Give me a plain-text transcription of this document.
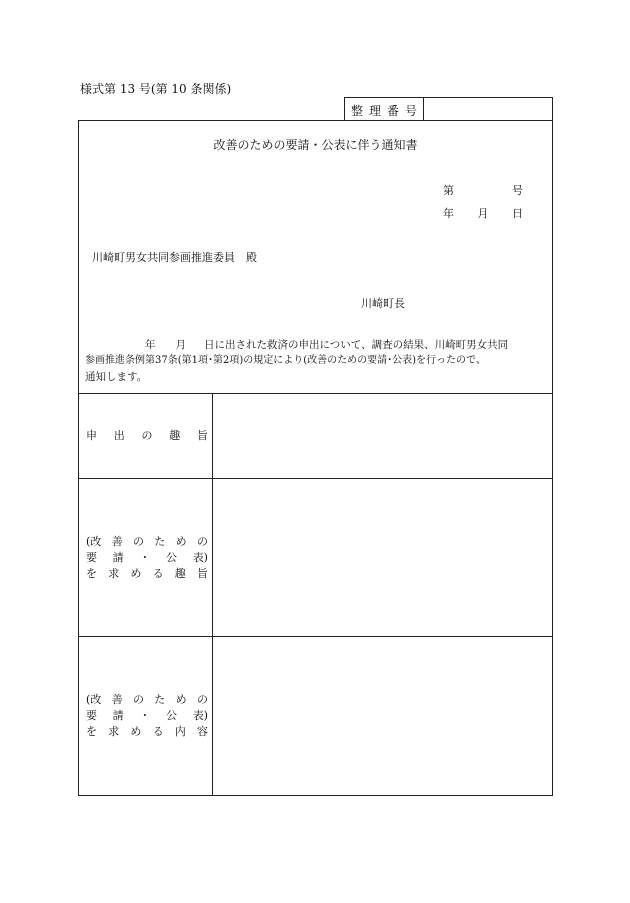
様式第 13 号(第 10 条関係)
整 理 番 号
改善のための要請・公表に伴う通知書
第	号
年 月 日
川崎町男女共同参画推進委員　殿
川崎町長
年 月 日に出された救済の申出について、調査の結果、川崎町男女共同
参画推進条例第37条(第1項･第2項)の規定により(改善のための要請･公表)を行ったので、
通知します。
申 出 の 趣 旨
(改 善 の た め の
要 請 ・ 公 表)
を 求 め る 趣 旨
(改 善 の た め の
要 請 ・ 公 表)
を 求 め る 内 容
